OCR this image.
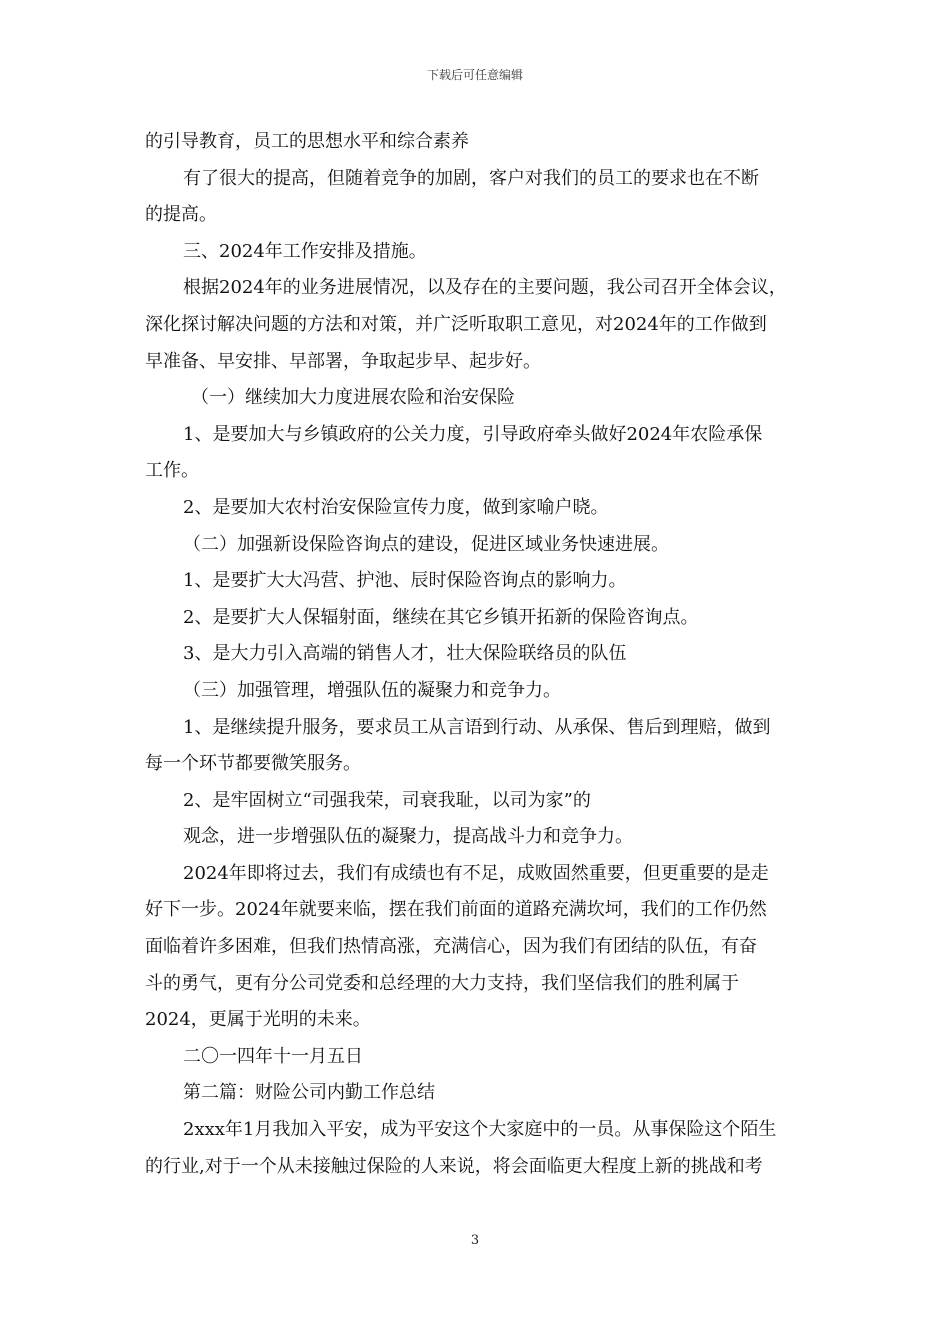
下载后可任意编辑
的引导教育，员工的思想水平和综合素养
有了很大的提高，但随着竞争的加剧，客户对我们的员工的要求也在不断
的提高。
三、2024年工作安排及措施。
根据2024年的业务进展情况，以及存在的主要问题，我公司召开全体会议，
深化探讨解决问题的方法和对策，并广泛听取职工意见，对2024年的工作做到
早准备、早安排、早部署，争取起步早、起步好。
（一）继续加大力度进展农险和治安保险
1、是要加大与乡镇政府的公关力度，引导政府牵头做好2024年农险承保
工作。
2、是要加大农村治安保险宣传力度，做到家喻户晓。
（二）加强新设保险咨询点的建设，促进区域业务快速进展。
1、是要扩大大冯营、护池、辰时保险咨询点的影响力。
2、是要扩大人保辐射面，继续在其它乡镇开拓新的保险咨询点。
3、是大力引入高端的销售人才，壮大保险联络员的队伍
（三）加强管理，增强队伍的凝聚力和竞争力。
1、是继续提升服务，要求员工从言语到行动、从承保、售后到理赔，做到
每一个环节都要微笑服务。
2、是牢固树立“司强我荣，司衰我耻，以司为家”的
观念，进一步增强队伍的凝聚力，提高战斗力和竞争力。
2024年即将过去，我们有成绩也有不足，成败固然重要，但更重要的是走
好下一步。2024年就要来临，摆在我们前面的道路充满坎坷，我们的工作仍然
面临着许多困难，但我们热情高涨，充满信心，因为我们有团结的队伍，有奋
斗的勇气，更有分公司党委和总经理的大力支持，我们坚信我们的胜利属于
2024，更属于光明的未来。
二〇一四年十一月五日
第二篇：财险公司内勤工作总结
2xxx年1月我加入平安，成为平安这个大家庭中的一员。从事保险这个陌生
的行业,对于一个从未接触过保险的人来说，将会面临更大程度上新的挑战和考
3
